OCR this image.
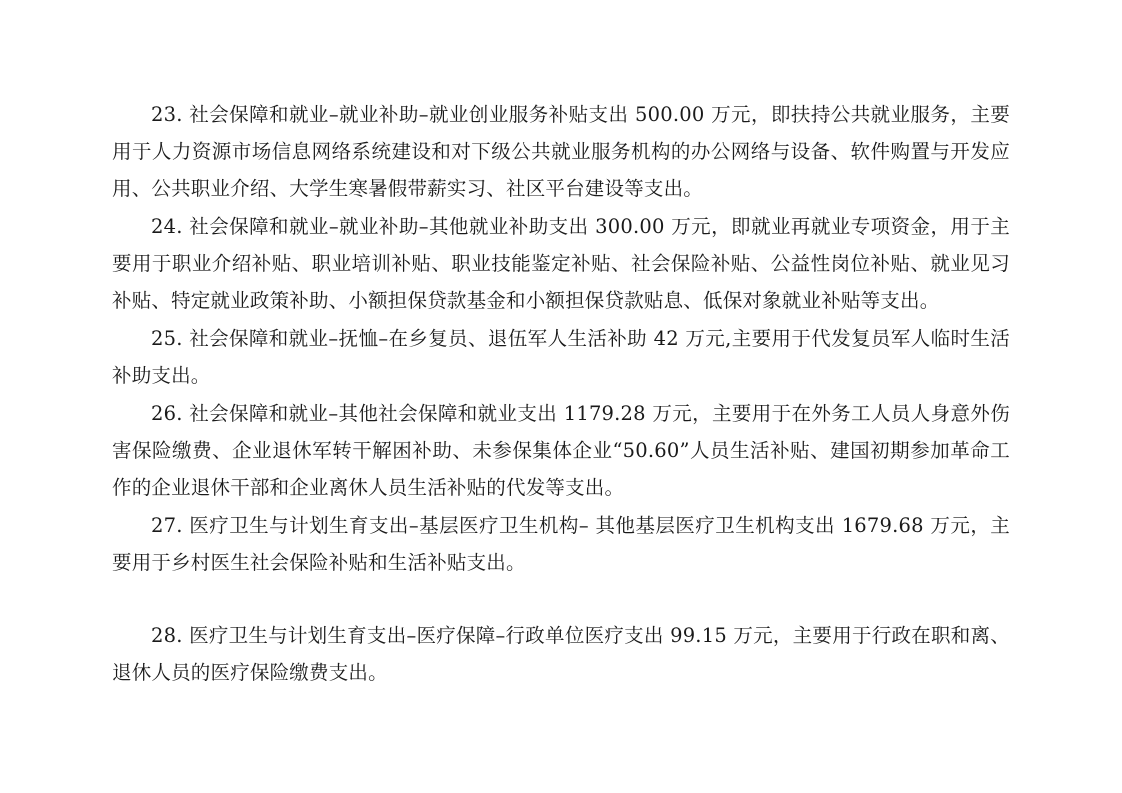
23. 社会保障和就业–就业补助–就业创业服务补贴支出 500.00 万元，即扶持公共就业服务，主要用于人力资源市场信息网络系统建设和对下级公共就业服务机构的办公网络与设备、软件购置与开发应用、公共职业介绍、大学生寒暑假带薪实习、社区平台建设等支出。

24. 社会保障和就业–就业补助–其他就业补助支出 300.00 万元，即就业再就业专项资金，用于主要用于职业介绍补贴、职业培训补贴、职业技能鉴定补贴、社会保险补贴、公益性岗位补贴、就业见习补贴、特定就业政策补助、小额担保贷款基金和小额担保贷款贴息、低保对象就业补贴等支出。

25. 社会保障和就业–抚恤–在乡复员、退伍军人生活补助 42 万元,主要用于代发复员军人临时生活补助支出。

26. 社会保障和就业–其他社会保障和就业支出 1179.28 万元，主要用于在外务工人员人身意外伤害保险缴费、企业退休军转干解困补助、未参保集体企业“50.60”人员生活补贴、建国初期参加革命工作的企业退休干部和企业离休人员生活补贴的代发等支出。

27. 医疗卫生与计划生育支出–基层医疗卫生机构– 其他基层医疗卫生机构支出 1679.68 万元，主要用于乡村医生社会保险补贴和生活补贴支出。

28. 医疗卫生与计划生育支出–医疗保障–行政单位医疗支出 99.15 万元，主要用于行政在职和离、退休人员的医疗保险缴费支出。
